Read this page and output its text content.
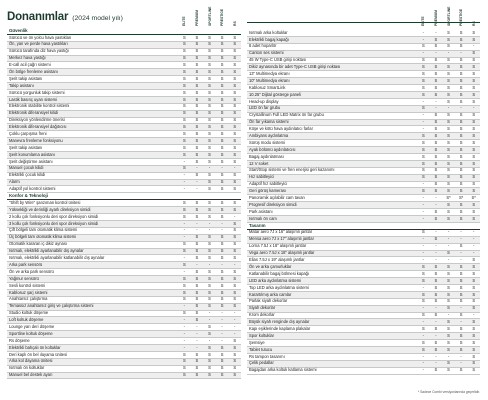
Donanımlar (2024 model yılı)	ELITE	PREMIUM	SPORTLINE	PRESTIGE	RS	ELITE	PREMIUM	SPORTLINE	PRESTIGE	RS
Güvenlik
Sürücü ve ön yolcu hava yastıkları	S	S	S	S	S
Ön, yan ve perde hava yastıkları	S	S	S	S	S
Sürücü tarafında diz hava yastığı	S	S	S	S	S
Merkez hava yastığı	S	S	S	S	S
E-call acil çağrı sistemi	S	S	S	S	S
Ön bölge frenleme asistanı	S	S	S	S	S
Şerit takip asistanı	S	S	S	S	S
Takip asistanı	S	S	S	S	S
Sürücü yorgunluk takip sistemi	S	S	S	S	S
Lastik basınç uyarı sistemi	S	S	S	S	S
Elektronik stabilite kontrol sistemi	S	S	S	S	S
Elektronik diferansiyel kilidi	S	S	S	S	S
Direksiyon yönlendirme önerisi	S	S	S	S	S
Elektronik diferansiyel dağıtıcısı	S	S	S	S	S
Çoklu çarpışma freni	S	S	S	S	S
Manevra frenleme fonksiyonu	S	S	S	S	S
Şerit takip asistanı	S	S	S	S	S
Şerit konumlama asistanı	S	S	S	S	S
Şerit değiştirme asistanı	-	S	S	S	S
Manuel çocuk kilidi	S	-	-	-	-
Elektrikli çocuk kilidi	-	S	S	S	S
Alarm	-	-	S	S	S
Adaptif yol kontrol sistemi	-	-	S	S	S
Konfor & Teknoloji
"Shift by Wire" şanzıman kontrol ünitesi	S	S	S	S	S
Yüksekliği ve derinliği ayarlı direksiyon simidi	S	S	S	S	S
2 kollu çok fonksiyonlu deri spor direksiyon simidi	S	S	S	S	-
3 kollu çok fonksiyonlu deri spor direksiyon simidi	-	-	-	-	S
Çift bölgeli tam otomatik klima sistemi	-	-	-	-	S
Üç bölgeli tam otomatik klima sistemi	-	S	S	S	S
Otomatik kararan iç dikiz aynası	S	S	S	S	S
Isıtmalı, elektrikli ayarlanabilir dış aynalar	S	S	S	S	S
Isıtmalı, elektrikli ayarlanabilir katlanabilir dış aynalar	-	S	S	S	S
Arka park sensörü	S	-	-	-	-
Ön ve arka park sensörü	-	S	S	S	S
Yağmur sensörü	S	S	S	S	S
Sesli kontrol sistemi	S	S	S	S	S
Kablosuz şarj sistemi	S	S	S	S	S
Anahtarsız çalıştırma	S	S	S	S	S
Temassız anahtarsız giriş ve çalıştırma sistemi	-	S	S	S	S
Studio koltuk döşeme	S	S	-	-	-
Loft koltuk döşeme	-	S	-	-	-
Lounge yarı deri döşeme	-	-	S	-	-
Sportline koltuk döşeme	-	-	S	-	-
Rs döşeme	-	-	-	-	S
Elektrikli bahçalı ön koltuklar	-	-	S	S	S
Deri kaplı ön bel ılayama ünitesi	S	S	S	S	S
Arka kol dayama ünitesi	S	S	S	S	S
Isıtmalı ön koltuklar	S	S	S	S	S
Manuel bel destek ayarı	S	S	S	S	S
Isıtmalı arka koltuklar	-	-	S	S	S
Elektrikli bagaj kapağı	-	S	S	S	S
8 adet hoparlör	S	S	S	S	-
Canton ses sistemi	-	-	-	-	S
45 W Type-C USB girişi noktası	S	S	S	S	S
Dikiz aynasında bir adet Type-C USB girişi noktası	S	S	S	S	S
13" Multimedya ekranı	S	S	S	S	S
10" Multimedya ekranı	S	S	S	S	S
Kablosuz SmartLink	S	S	S	S	S
10.25" Dijital gösterge paneli	S	S	S	S	S
Head-up display	-	-	S	S	S
LED ön far grubu	S	-	-	-	-
Crystallinum Full LED Matrix ön far grubu	-	S	S	S	S
Ön far yıkama sistemi	-	S	S	S	S
Köşe ve kötü hava aydınlatıcı farlar	-	S	S	S	S
Ambiyans aydınlatma	S	S	S	S	S
Sürüş modu sistemi	S	S	S	S	S
Ayak bölümü aydınlatıcısı	S	S	S	S	S
Bagaj aydınlatması	S	S	S	S	S
12 V soket	S	S	S	S	S
Start/Stop sistemi ve fren enerjisi geri kazanımı	S	S	S	S	S
Hız sabitleyici	S	S	S	S	S
Adaptif hız sabitleyici	-	S	S	S	S
Geri görüş kamerası	S	S	S	S	S
Panoramik açılabilir cam tavan	-	-	S*	S*	S*
Progresif direksiyon simidi	-	-	S	S	S
Park asistanı	-	S	S	S	S
Isıtmalı ön cam	-	S	S	S	S
Tasarım
Matar aero 7J x 16" alaşımlı jantlar	S	-	-	-	-
Mensa aero 7J x 17" alaşımlı jantlar	-	S	-	-	-
Lorna 7.5J x 18" alaşımlı jantlar	-	-	-	S	-
Vega aero 7.5J x 18" alaşımlı jantlar	-	-	S	-	-
Elias 7.5J x 19" alaşımlı jantlar	-	-	-	-	S
Ön ve arka çamurluklar	S	S	S	S	S
Katlanabilir bagaj bölmesi kapağı	S	S	S	S	S
LED arka aydınlatma sistemi	S	S	S	S	S
Top LED arka aydınlatma sistemi	-	S	S	S	S
Karartılmış arka camlar	S	S	S	S	S
Parlak siyah dekorlar	S	S	S	S	S
Siyah dekorlar	-	-	S	-	S
Krom dekorlar	S	S	-	S	-
Büyük siyah renginde dış aynalar	-	-	S	-	S
Kapı eşiklerinde kaplama plakalar	S	S	S	S	S
Spor koltuklar	-	-	S	S	S
Şemsiye	S	S	S	S	S
Tablet tutucu	S	S	S	S	S
Rs tampon tasarımı	-	-	-	-	S
Çelik pedallar	-	-	S	-	S
Bagajdan arka koltuk katlama sistemi	-	S	S	S	S
* Sadece Combi versiyonlarında geçerlidir.
